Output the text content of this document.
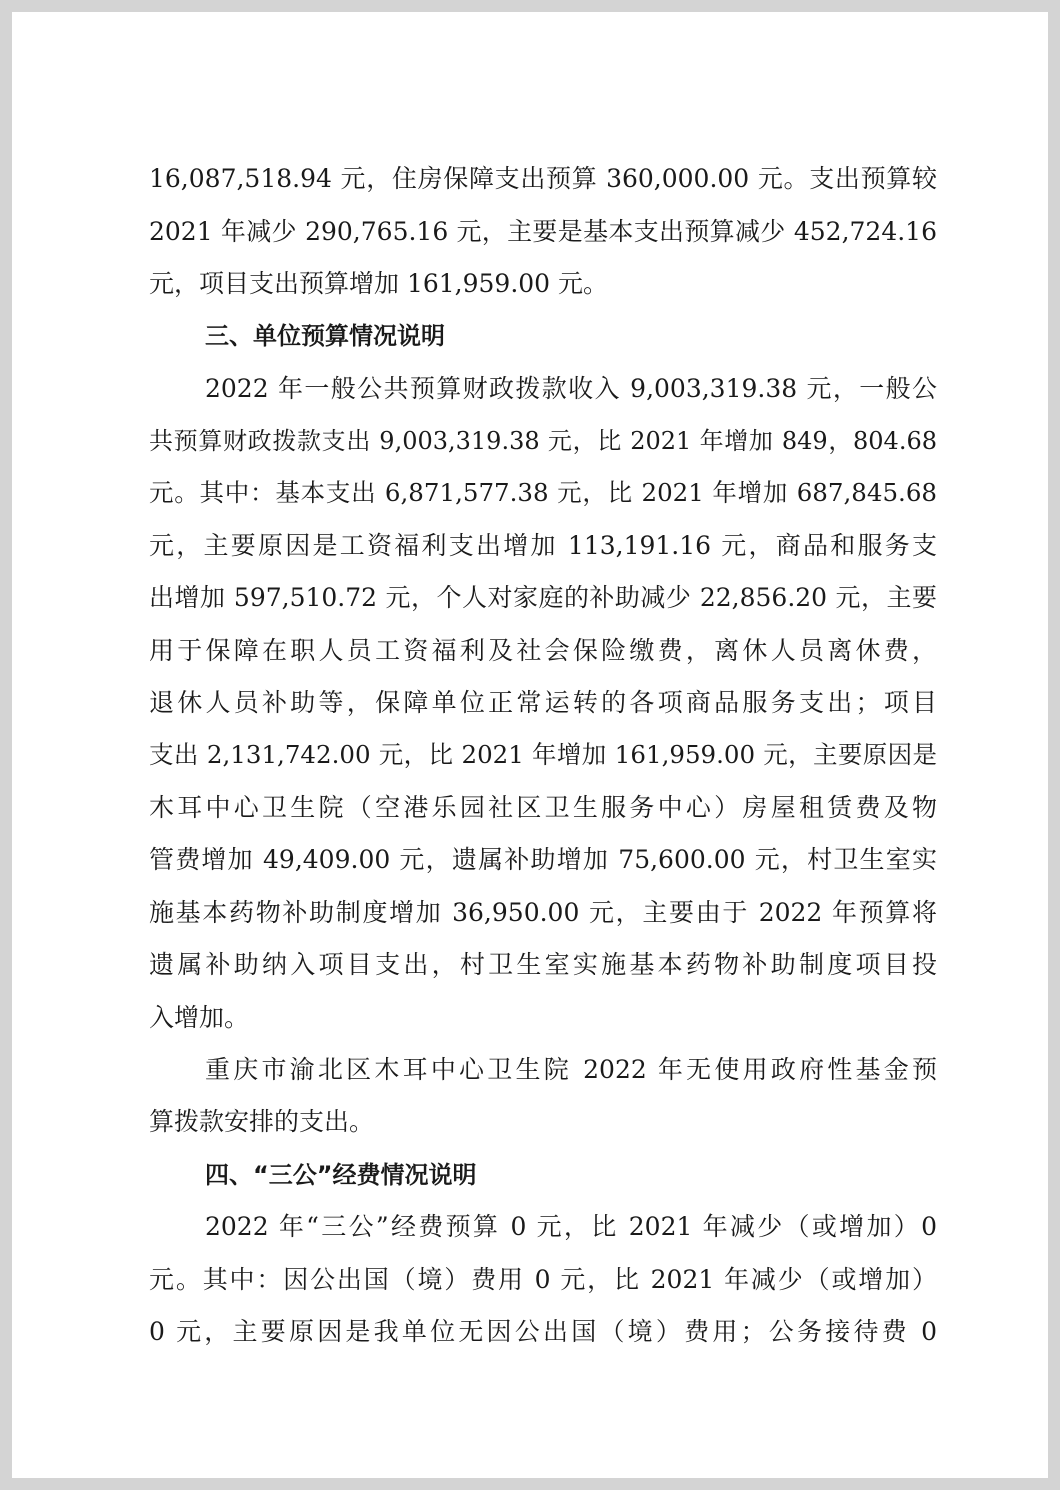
16,087,518.94 元，住房保障支出预算 360,000.00 元。支出预算较
2021 年减少 290,765.16 元，主要是基本支出预算减少 452,724.16
元，项目支出预算增加 161,959.00 元。
三、单位预算情况说明
2022 年一般公共预算财政拨款收入 9,003,319.38 元，一般公
共预算财政拨款支出 9,003,319.38 元，比 2021 年增加 849，804.68
元。其中：基本支出 6,871,577.38 元，比 2021 年增加 687,845.68
元，主要原因是工资福利支出增加 113,191.16 元，商品和服务支
出增加 597,510.72 元，个人对家庭的补助减少 22,856.20 元，主要
用于保障在职人员工资福利及社会保险缴费，离休人员离休费，
退休人员补助等，保障单位正常运转的各项商品服务支出；项目
支出 2,131,742.00 元，比 2021 年增加 161,959.00 元，主要原因是
木耳中心卫生院（空港乐园社区卫生服务中心）房屋租赁费及物
管费增加 49,409.00 元，遗属补助增加 75,600.00 元，村卫生室实
施基本药物补助制度增加 36,950.00 元，主要由于 2022 年预算将
遗属补助纳入项目支出，村卫生室实施基本药物补助制度项目投
入增加。
重庆市渝北区木耳中心卫生院 2022 年无使用政府性基金预
算拨款安排的支出。
四、“三公”经费情况说明
2022 年“三公”经费预算 0 元，比 2021 年减少（或增加）0
元。其中：因公出国（境）费用 0 元，比 2021 年减少（或增加）
0 元，主要原因是我单位无因公出国（境）费用；公务接待费 0
